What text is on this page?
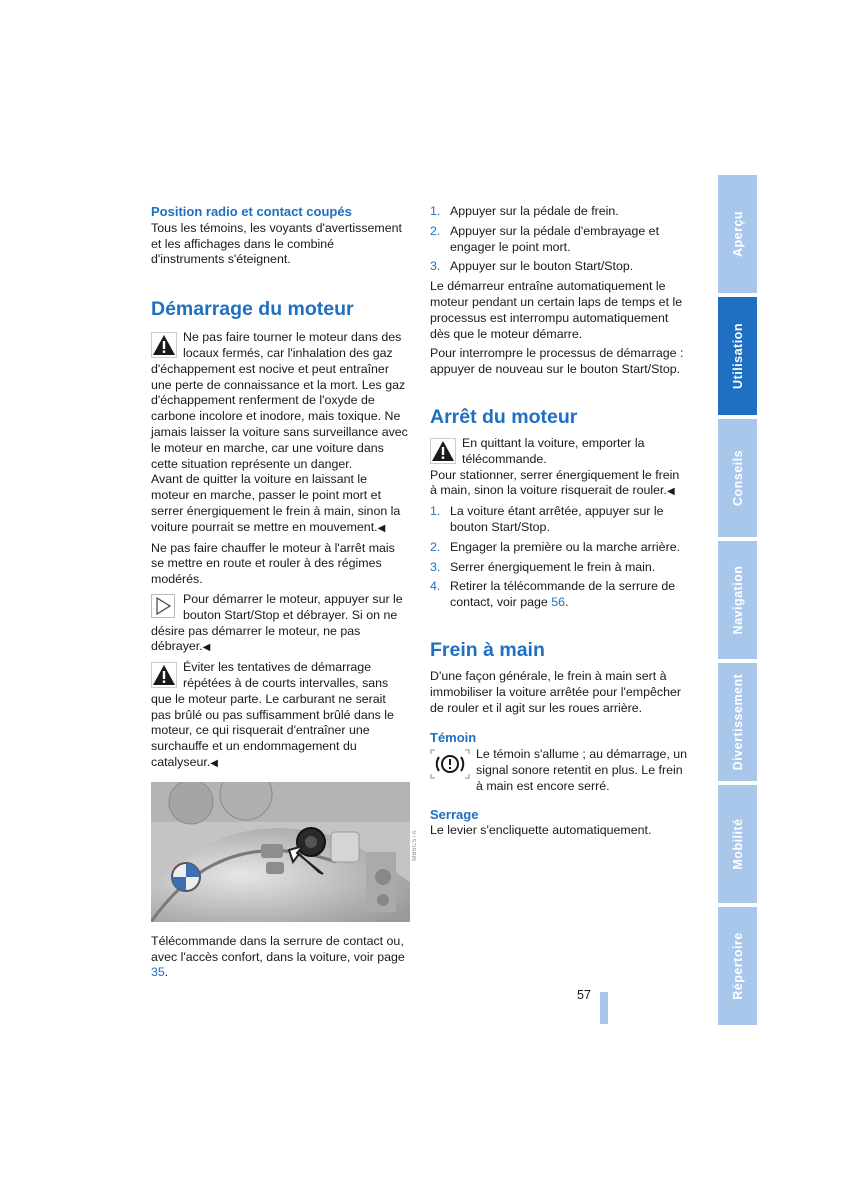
Position radio et contact coupés

Tous les témoins, les voyants d'avertissement et les affichages dans le combiné d'instruments s'éteignent.

Démarrage du moteur

Ne pas faire tourner le moteur dans des locaux fermés, car l'inhalation des gaz d'échappement est nocive et peut entraîner une perte de connaissance et la mort. Les gaz d'échappement renferment de l'oxyde de carbone incolore et inodore, mais toxique. Ne jamais laisser la voiture sans surveillance avec le moteur en marche, car une voiture dans cette situation représente un danger.

Avant de quitter la voiture en laissant le moteur en marche, passer le point mort et serrer énergiquement le frein à main, sinon la voiture pourrait se mettre en mouvement.◀

Ne pas faire chauffer le moteur à l'arrêt mais se mettre en route et rouler à des régimes modérés.

Pour démarrer le moteur, appuyer sur le bouton Start/Stop et débrayer. Si on ne désire pas démarrer le moteur, ne pas débrayer.◀

Éviter les tentatives de démarrage répétées à de courts intervalles, sans que le moteur parte. Le carburant ne serait pas brûlé ou pas suffisamment brûlé dans le moteur, ce qui risquerait d'entraîner une surchauffe et un endommagement du catalyseur.◀

Télécommande dans la serrure de contact ou, avec l'accès confort, dans la voiture, voir page 35.

MB6C57A
1. Appuyer sur la pédale de frein.
2. Appuyer sur la pédale d'embrayage et engager le point mort.
3. Appuyer sur le bouton Start/Stop.

Le démarreur entraîne automatiquement le moteur pendant un certain laps de temps et le processus est interrompu automatiquement dès que le moteur démarre.

Pour interrompre le processus de démarrage : appuyer de nouveau sur le bouton Start/Stop.

Arrêt du moteur

En quittant la voiture, emporter la télécommande.

Pour stationner, serrer énergiquement le frein à main, sinon la voiture risquerait de rouler.◀

1. La voiture étant arrêtée, appuyer sur le bouton Start/Stop.
2. Engager la première ou la marche arrière.
3. Serrer énergiquement le frein à main.
4. Retirer la télécommande de la serrure de contact, voir page 56.
Frein à main

D'une façon générale, le frein à main sert à immobiliser la voiture arrêtée pour l'empêcher de rouler et il agit sur les roues arrière.

Témoin

Le témoin s'allume ; au démarrage, un signal sonore retentit en plus. Le frein à main est encore serré.

Serrage

Le levier s'encliquette automatiquement.

57
Aperçu
Utilisation
Conseils
Navigation
Divertissement
Mobilité
Répertoire
